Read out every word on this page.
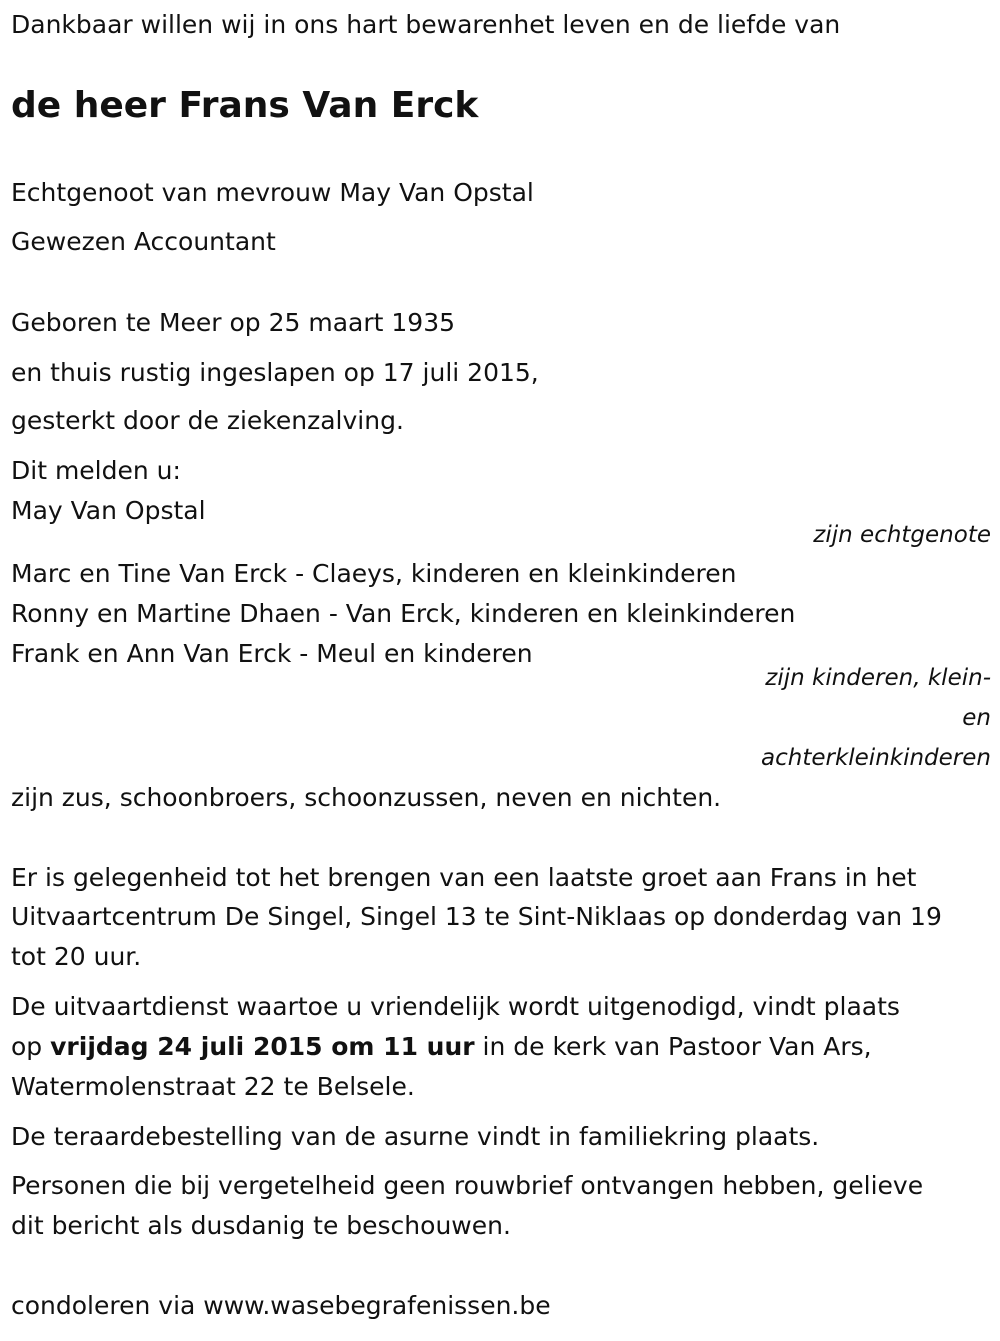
Dankbaar willen wij in ons hart bewarenhet leven en de liefde van
de heer Frans Van Erck
Echtgenoot van mevrouw May Van Opstal
Gewezen Accountant
Geboren te Meer op 25 maart 1935
en thuis rustig ingeslapen op 17 juli 2015,
gesterkt door de ziekenzalving.
Dit melden u:
May Van Opstal
zijn echtgenote
Marc en Tine Van Erck - Claeys, kinderen en kleinkinderen
Ronny en Martine Dhaen - Van Erck, kinderen en kleinkinderen
Frank en Ann Van Erck - Meul en kinderen
zijn kinderen, klein-
en
achterkleinkinderen
zijn zus, schoonbroers, schoonzussen, neven en nichten.
Er is gelegenheid tot het brengen van een laatste groet aan Frans in het
Uitvaartcentrum De Singel, Singel 13 te Sint-Niklaas op donderdag van 19
tot 20 uur.
De uitvaartdienst waartoe u vriendelijk wordt uitgenodigd, vindt plaats
op vrijdag 24 juli 2015 om 11 uur in de kerk van Pastoor Van Ars,
Watermolenstraat 22 te Belsele.
De teraardebestelling van de asurne vindt in familiekring plaats.
Personen die bij vergetelheid geen rouwbrief ontvangen hebben, gelieve
dit bericht als dusdanig te beschouwen.
condoleren via www.wasebegrafenissen.be
